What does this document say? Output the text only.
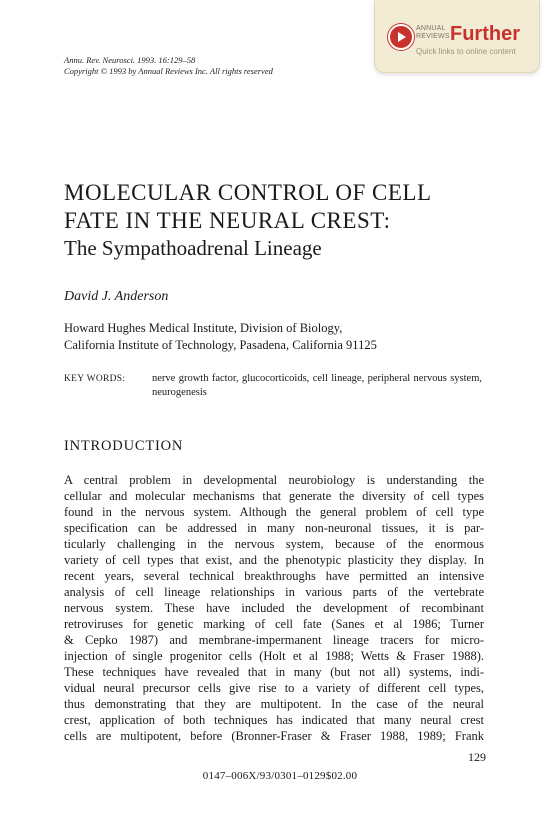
ANNUAL
REVIEWS Further
Quick links to online content
Annu. Rev. Neurosci. 1993. 16:129–58
Copyright © 1993 by Annual Reviews Inc. All rights reserved
MOLECULAR CONTROL OF CELL
FATE IN THE NEURAL CREST:
The Sympathoadrenal Lineage
David J. Anderson
Howard Hughes Medical Institute, Division of Biology,
California Institute of Technology, Pasadena, California 91125
KEY WORDS:	nerve growth factor, glucocorticoids, cell lineage, peripheral nervous system, neurogenesis
INTRODUCTION
A central problem in developmental neurobiology is understanding the
cellular and molecular mechanisms that generate the diversity of cell types
found in the nervous system. Although the general problem of cell type
specification can be addressed in many non-neuronal tissues, it is par-
ticularly challenging in the nervous system, because of the enormous
variety of cell types that exist, and the phenotypic plasticity they display. In
recent years, several technical breakthroughs have permitted an intensive
analysis of cell lineage relationships in various parts of the vertebrate
nervous system. These have included the development of recombinant
retroviruses for genetic marking of cell fate (Sanes et al 1986; Turner
& Cepko 1987) and membrane-impermanent lineage tracers for micro-
injection of single progenitor cells (Holt et al 1988; Wetts & Fraser 1988).
These techniques have revealed that in many (but not all) systems, indi-
vidual neural precursor cells give rise to a variety of different cell types,
thus demonstrating that they are multipotent. In the case of the neural
crest, application of both techniques has indicated that many neural crest
cells are multipotent, before (Bronner-Fraser & Fraser 1988, 1989; Frank
129
0147–006X/93/0301–0129$02.00
